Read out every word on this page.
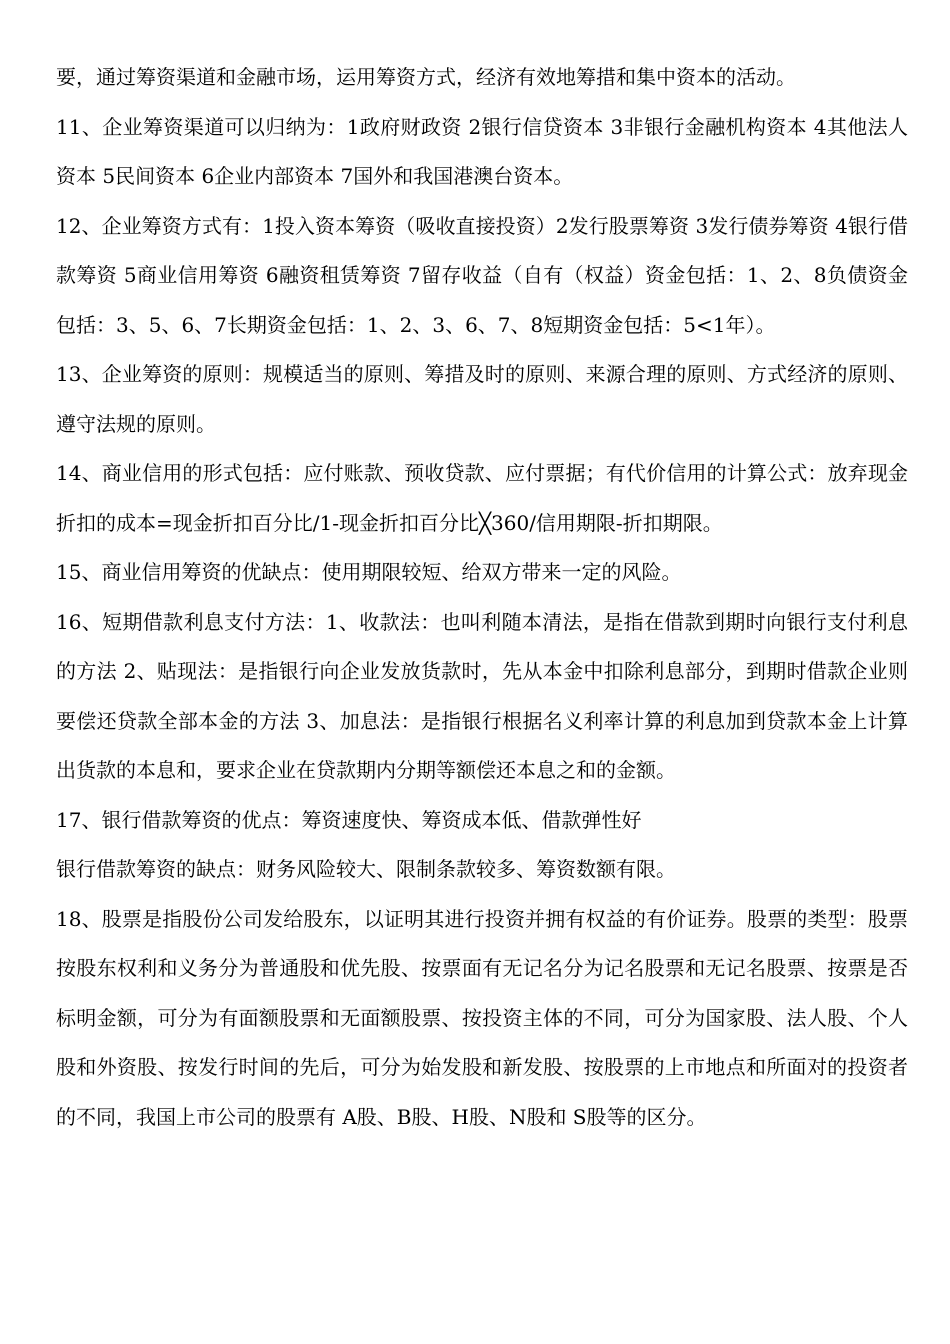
要，通过筹资渠道和金融市场，运用筹资方式，经济有效地筹措和集中资本的活动。

11、企业筹资渠道可以归纳为：1政府财政资 2银行信贷资本 3非银行金融机构资本 4其他法人资本 5民间资本 6企业内部资本 7国外和我国港澳台资本。

12、企业筹资方式有：1投入资本筹资（吸收直接投资）2发行股票筹资 3发行债券筹资 4银行借款筹资 5商业信用筹资 6融资租赁筹资 7留存收益（自有（权益）资金包括：1、2、8负债资金包括：3、5、6、7长期资金包括：1、2、3、6、7、8短期资金包括：5<1年）。

13、企业筹资的原则：规模适当的原则、筹措及时的原则、来源合理的原则、方式经济的原则、遵守法规的原则。

14、商业信用的形式包括：应付账款、预收贷款、应付票据；有代价信用的计算公式：放弃现金折扣的成本=现金折扣百分比/1-现金折扣百分比╳360/信用期限-折扣期限。

15、商业信用筹资的优缺点：使用期限较短、给双方带来一定的风险。

16、短期借款利息支付方法：1、收款法：也叫利随本清法，是指在借款到期时向银行支付利息的方法 2、贴现法：是指银行向企业发放货款时，先从本金中扣除利息部分，到期时借款企业则要偿还贷款全部本金的方法 3、加息法：是指银行根据名义利率计算的利息加到贷款本金上计算出货款的本息和，要求企业在贷款期内分期等额偿还本息之和的金额。

17、银行借款筹资的优点：筹资速度快、筹资成本低、借款弹性好

银行借款筹资的缺点：财务风险较大、限制条款较多、筹资数额有限。

18、股票是指股份公司发给股东，以证明其进行投资并拥有权益的有价证券。股票的类型：股票按股东权利和义务分为普通股和优先股、按票面有无记名分为记名股票和无记名股票、按票是否标明金额，可分为有面额股票和无面额股票、按投资主体的不同，可分为国家股、法人股、个人股和外资股、按发行时间的先后，可分为始发股和新发股、按股票的上市地点和所面对的投资者的不同，我国上市公司的股票有 A股、B股、H股、N股和 S股等的区分。
